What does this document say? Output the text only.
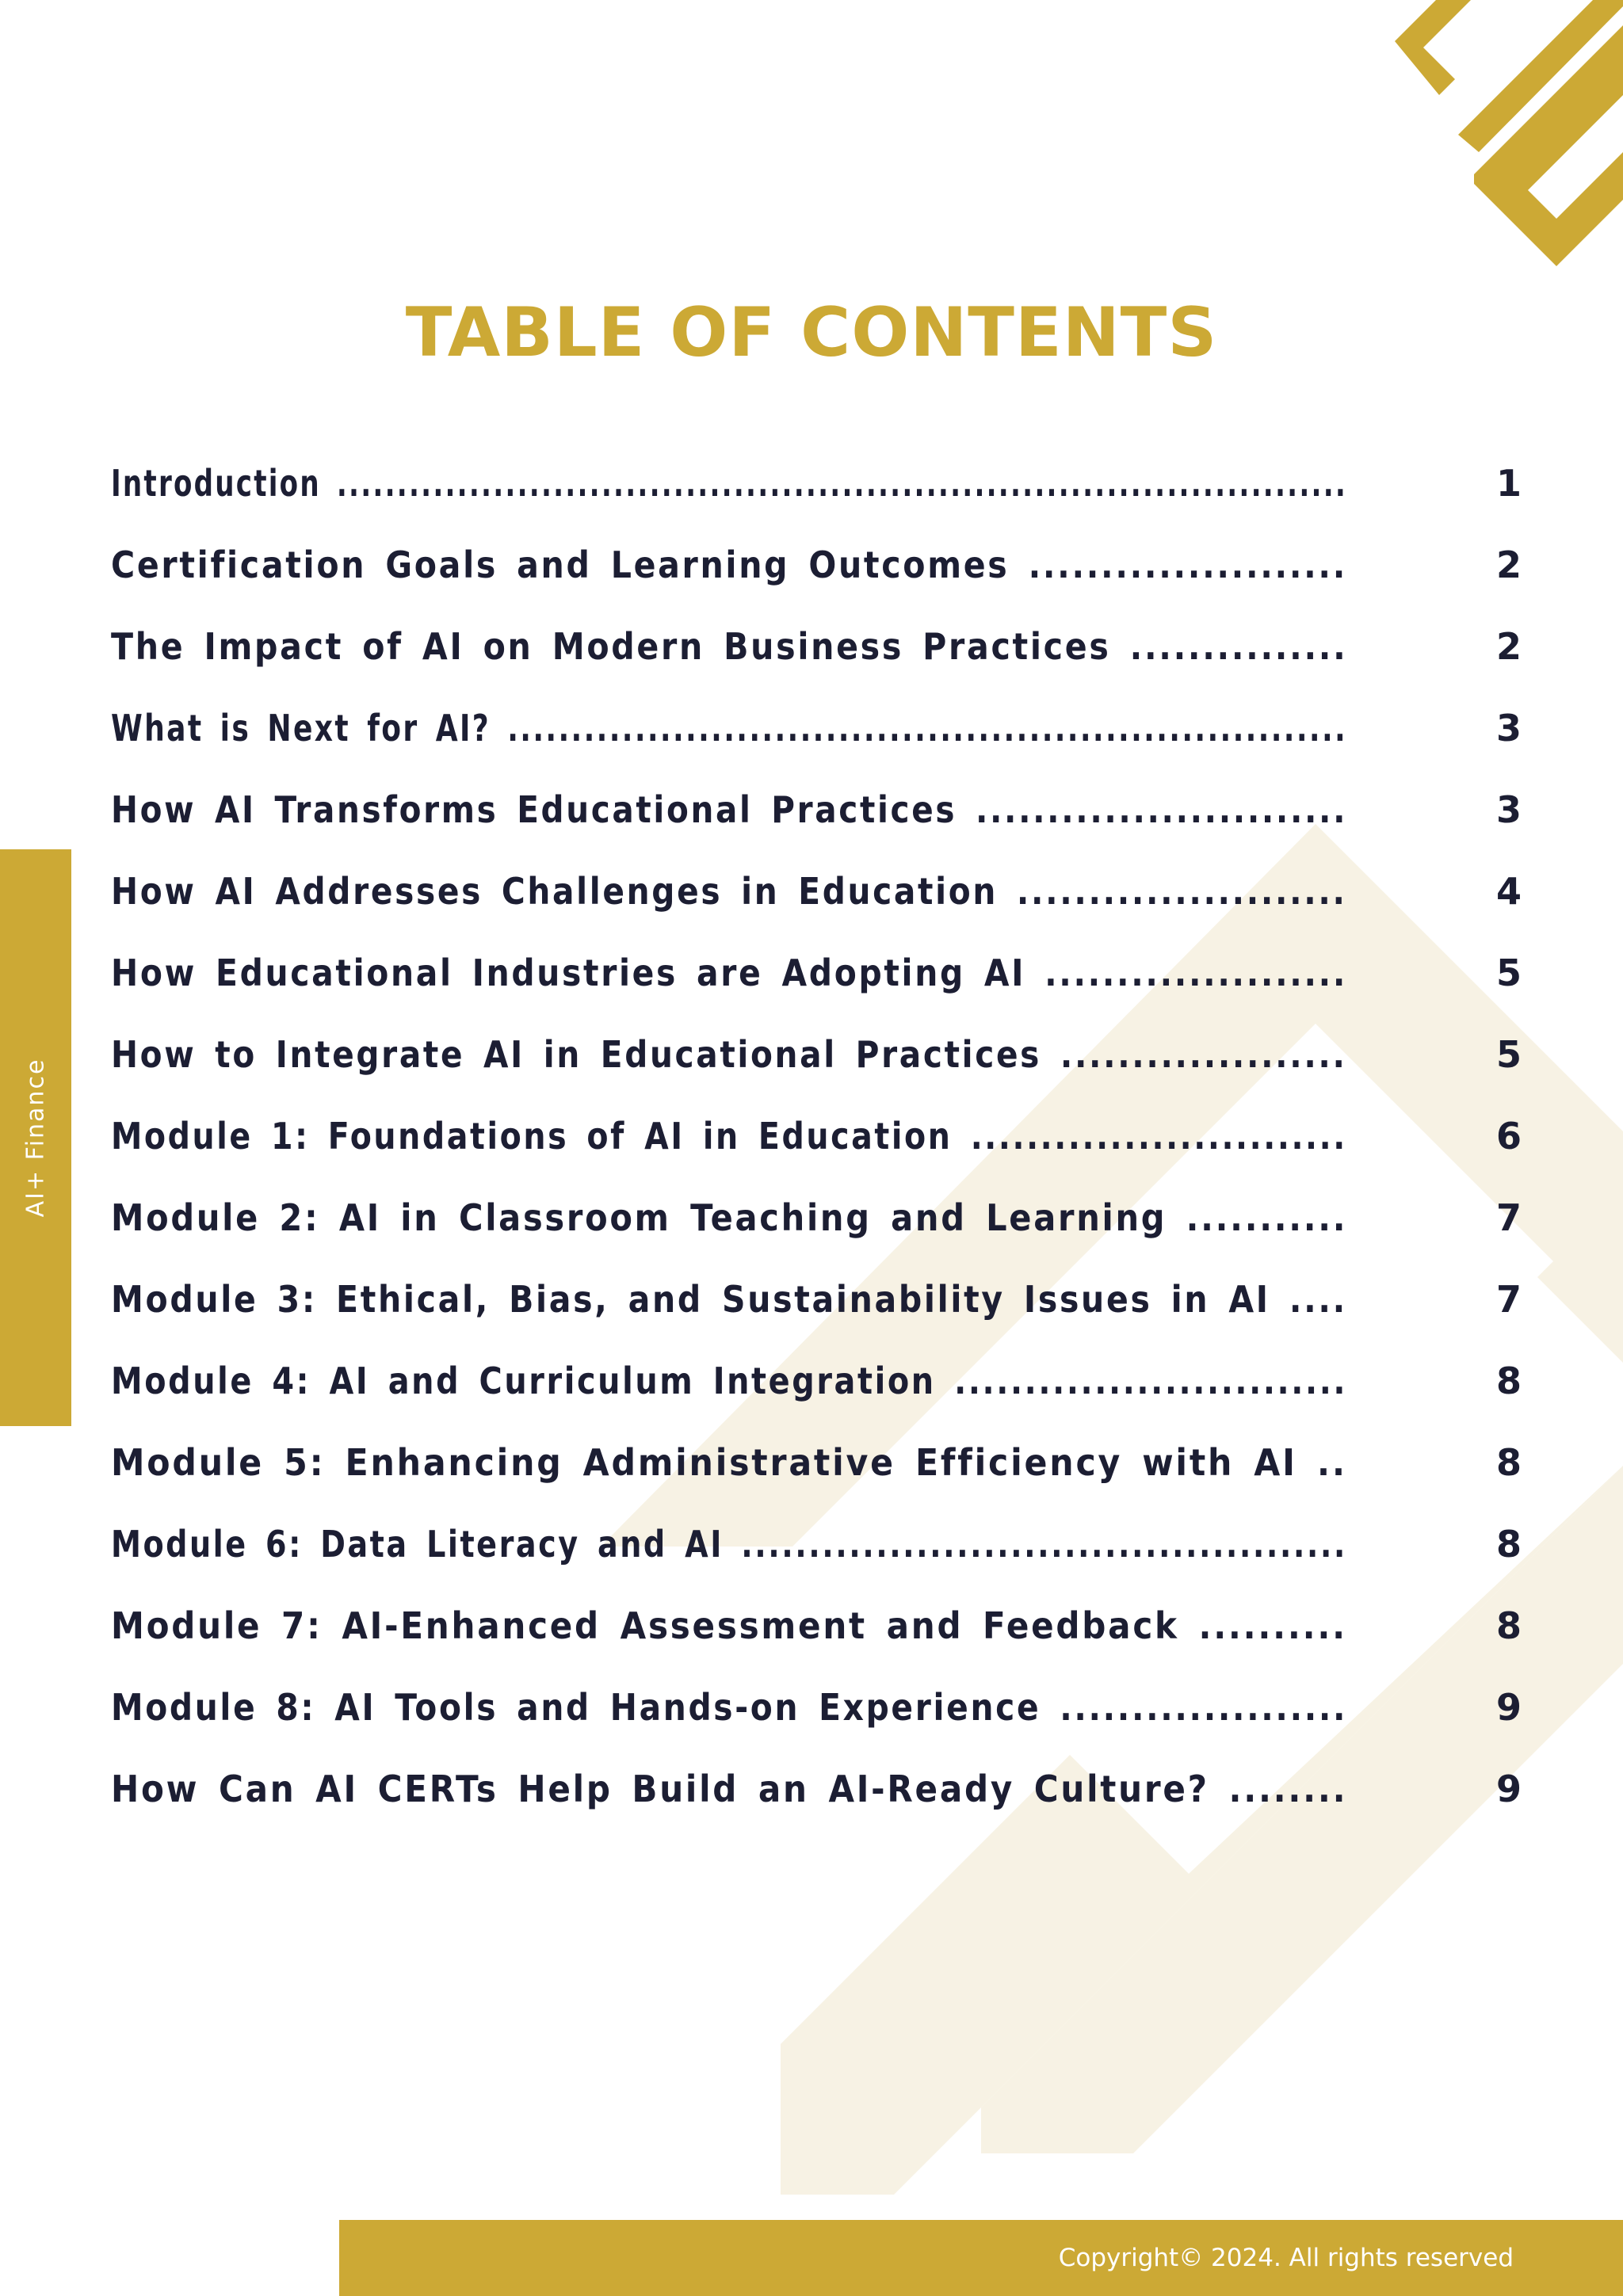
AI+ Finance
TABLE OF CONTENTS
Introduction ....................................................................................	1
Certification Goals and Learning Outcomes ......................	2
The Impact of AI on Modern Business Practices ...............	2
What is Next for AI? ..................................................................	3
How AI Transforms Educational Practices ..........................	3
How AI Addresses Challenges in Education .......................	4
How Educational Industries are Adopting AI .....................	5
How to Integrate AI in Educational Practices ....................	5
Module 1: Foundations of AI in Education ...........................	6
Module 2: AI in Classroom Teaching and Learning ...........	7
Module 3: Ethical, Bias, and Sustainability Issues in AI ....	7
Module 4: AI and Curriculum Integration ............................	8
Module 5: Enhancing Administrative Efficiency with AI ..	8
Module 6: Data Literacy and AI .............................................	8
Module 7: AI-Enhanced Assessment and Feedback ..........	8
Module 8: AI Tools and Hands-on Experience ....................	9
How Can AI CERTs Help Build an AI-Ready Culture? ........	9
Copyright© 2024. All rights reserved
